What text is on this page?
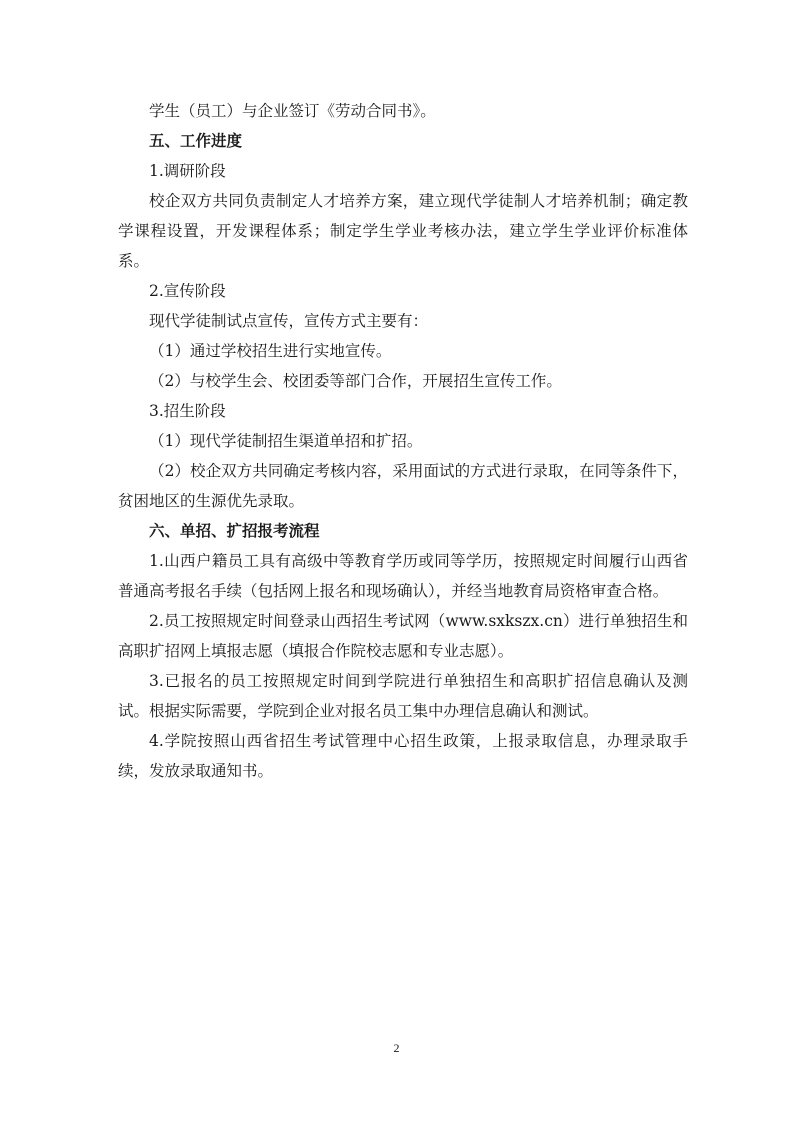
学生（员工）与企业签订《劳动合同书》。

五、工作进度

1.调研阶段

校企双方共同负责制定人才培养方案，建立现代学徒制人才培养机制；确定教学课程设置，开发课程体系；制定学生学业考核办法，建立学生学业评价标准体系。

2.宣传阶段

现代学徒制试点宣传，宣传方式主要有：

（1）通过学校招生进行实地宣传。

（2）与校学生会、校团委等部门合作，开展招生宣传工作。

3.招生阶段

（1）现代学徒制招生渠道单招和扩招。

（2）校企双方共同确定考核内容，采用面试的方式进行录取，在同等条件下，贫困地区的生源优先录取。

六、单招、扩招报考流程

1.山西户籍员工具有高级中等教育学历或同等学历，按照规定时间履行山西省普通高考报名手续（包括网上报名和现场确认），并经当地教育局资格审查合格。

2.员工按照规定时间登录山西招生考试网（www.sxkszx.cn）进行单独招生和高职扩招网上填报志愿（填报合作院校志愿和专业志愿）。

3.已报名的员工按照规定时间到学院进行单独招生和高职扩招信息确认及测试。根据实际需要，学院到企业对报名员工集中办理信息确认和测试。

4.学院按照山西省招生考试管理中心招生政策，上报录取信息，办理录取手续，发放录取通知书。

2
